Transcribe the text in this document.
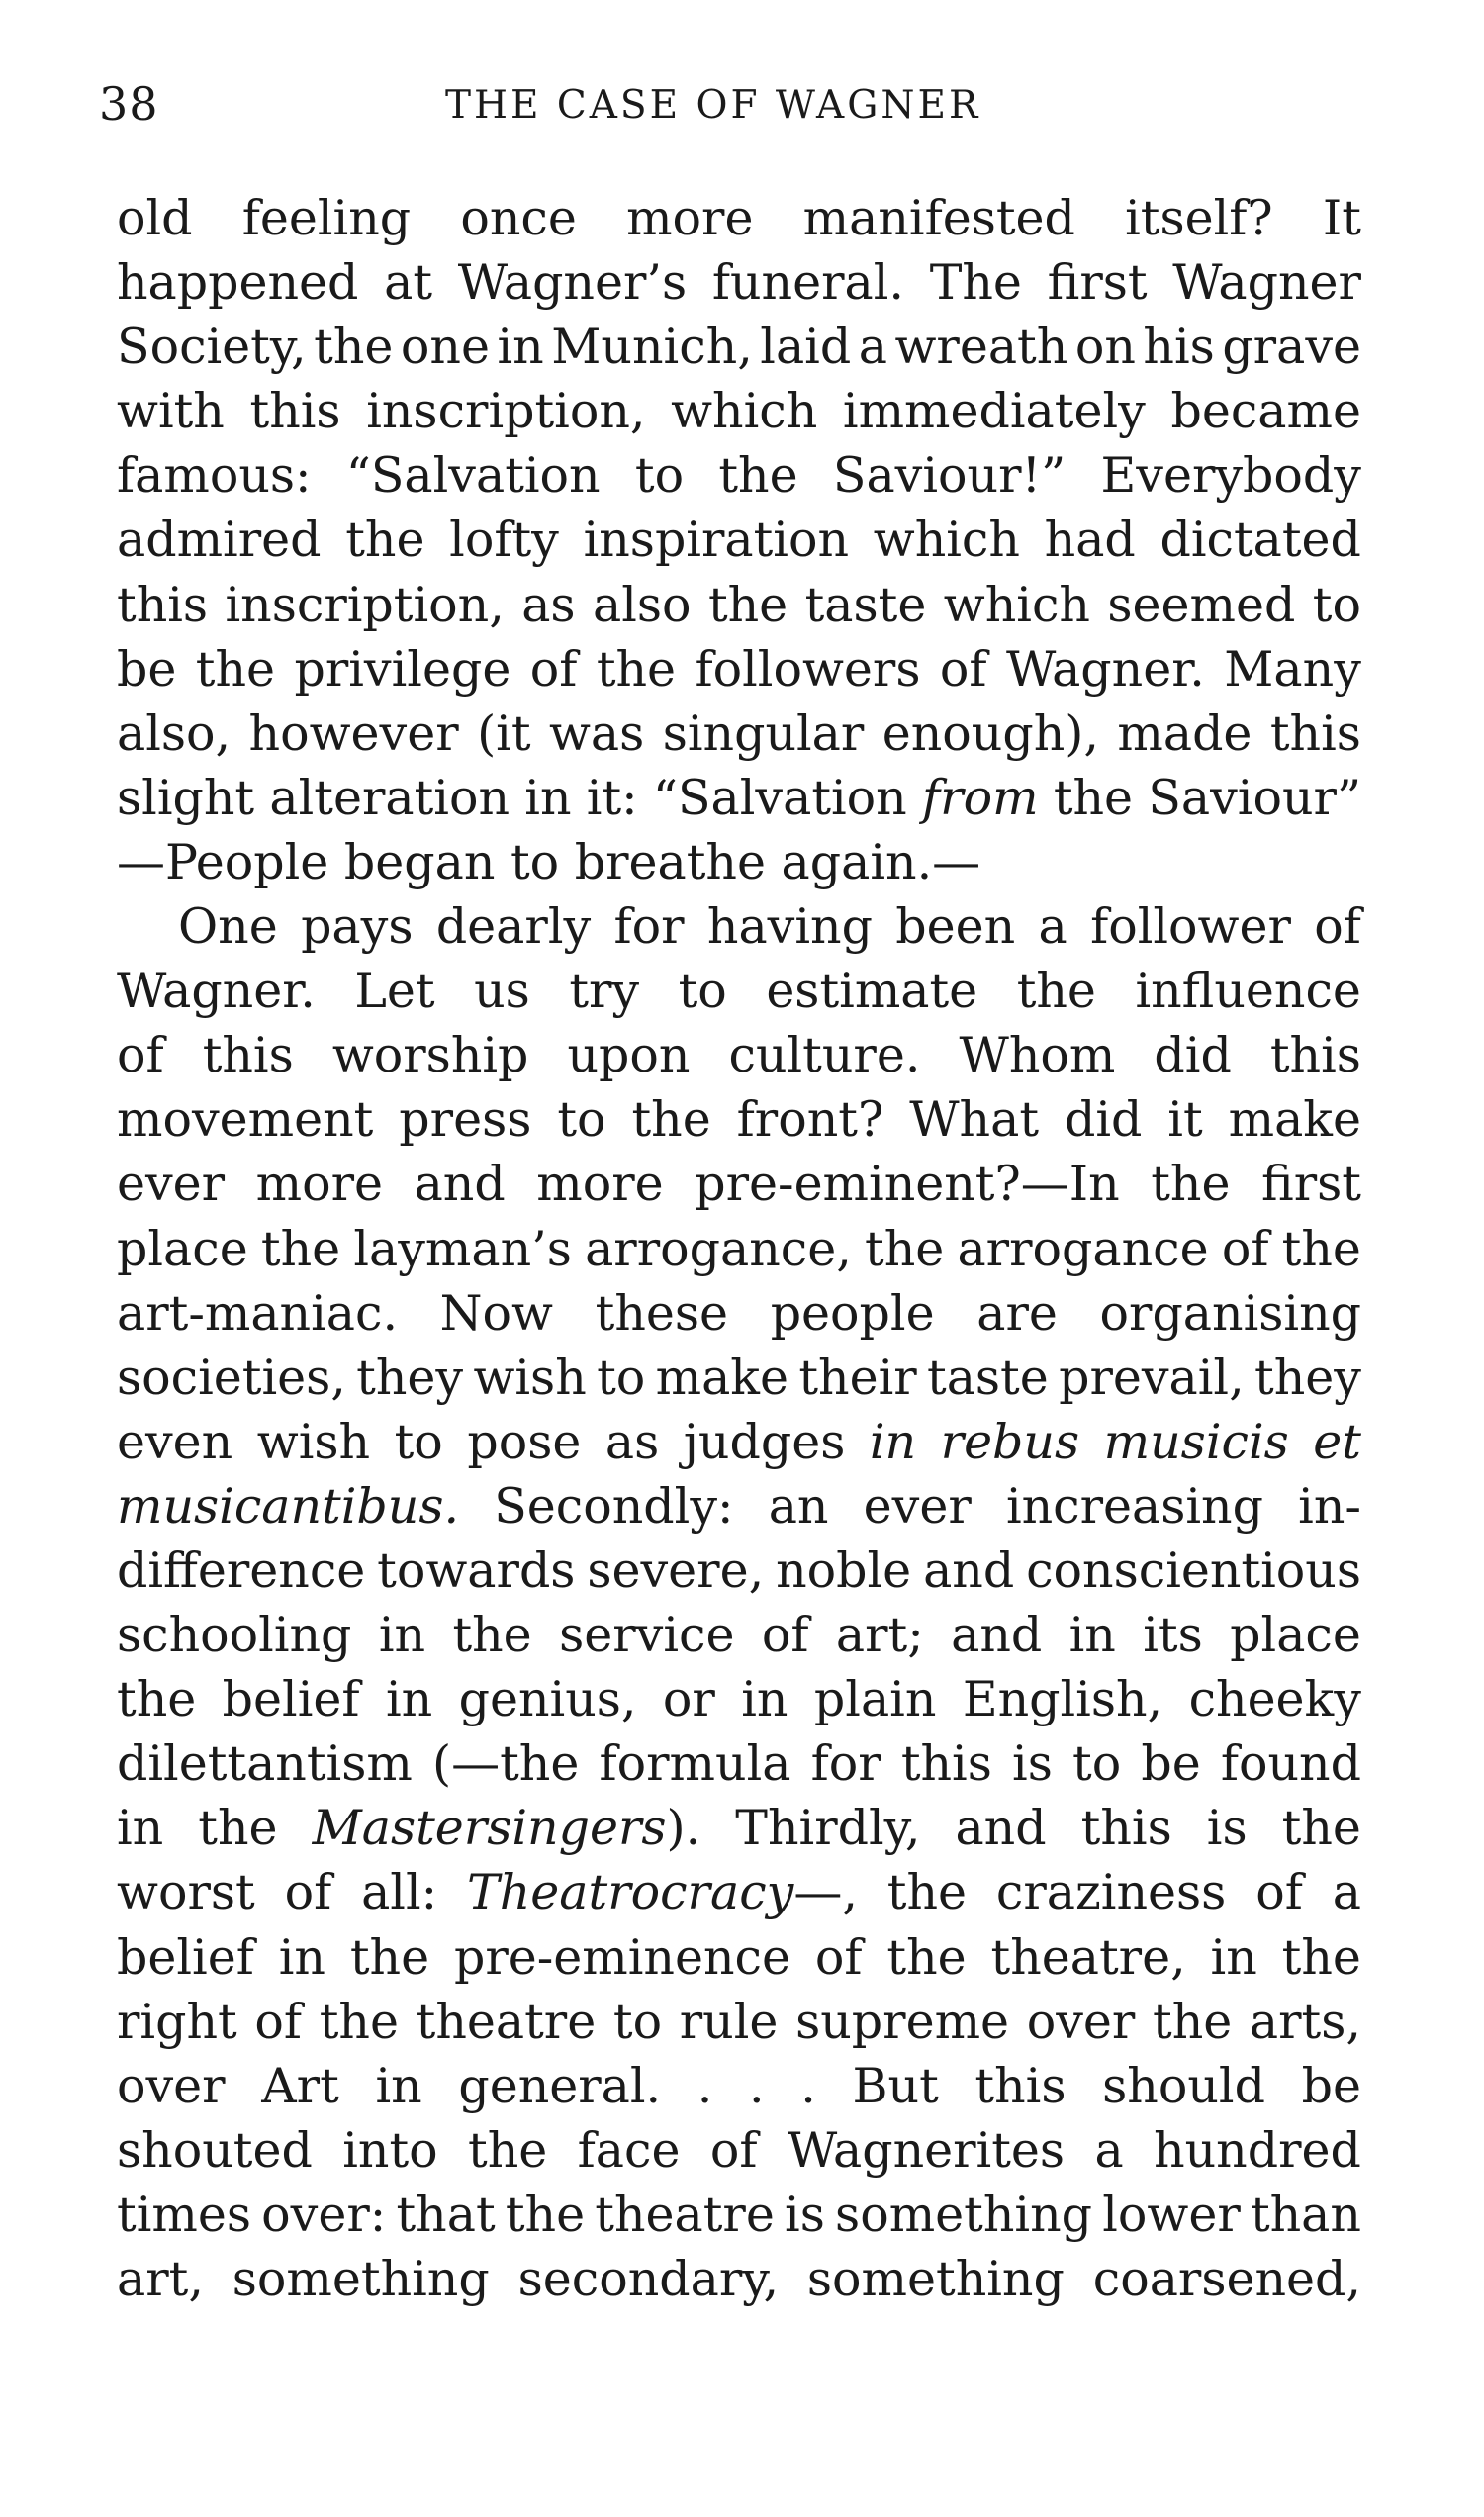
38	THE CASE OF WAGNER
old feeling once more manifested itself? It
happened at Wagner’s funeral. The first Wagner
Society, the one in Munich, laid a wreath on his grave
with this inscription, which immediately became
famous: “Salvation to the Saviour!” Everybody
admired the lofty inspiration which had dictated
this inscription, as also the taste which seemed to
be the privilege of the followers of Wagner. Many
also, however (it was singular enough), made this
slight alteration in it: “Salvation from the Saviour”
—People began to breathe again.—
One pays dearly for having been a follower of
Wagner. Let us try to estimate the influence
of this worship upon culture. Whom did this
movement press to the front? What did it make
ever more and more pre-eminent?—In the first
place the layman’s arrogance, the arrogance of the
art-maniac. Now these people are organising
societies, they wish to make their taste prevail, they
even wish to pose as judges in rebus musicis et
musicantibus. Secondly: an ever increasing in-
difference towards severe, noble and conscientious
schooling in the service of art; and in its place
the belief in genius, or in plain English, cheeky
dilettantism (—the formula for this is to be found
in the Mastersingers). Thirdly, and this is the
worst of all: Theatrocracy—, the craziness of a
belief in the pre-eminence of the theatre, in the
right of the theatre to rule supreme over the arts,
over Art in general. . . . But this should be
shouted into the face of Wagnerites a hundred
times over: that the theatre is something lower than
art, something secondary, something coarsened,
